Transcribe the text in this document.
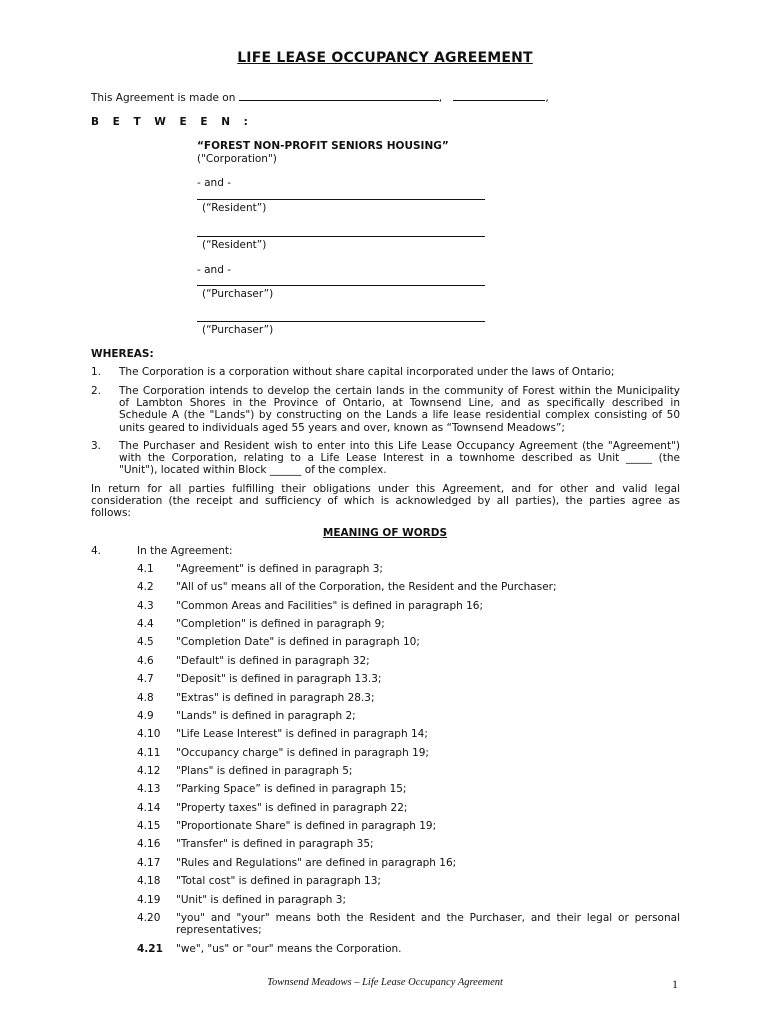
LIFE LEASE OCCUPANCY AGREEMENT
This Agreement is made on	,	,
B E T W E E N :
“FOREST NON-PROFIT SENIORS HOUSING”
("Corporation")
- and -
(“Resident”)
(“Resident”)
- and -
(“Purchaser”)
(“Purchaser”)
WHEREAS:
1. The Corporation is a corporation without share capital incorporated under the laws of Ontario;
2. The Corporation intends to develop the certain lands in the community of Forest within the Municipality
of Lambton Shores in the Province of Ontario, at Townsend Line, and as specifically described in
Schedule A (the "Lands") by constructing on the Lands a life lease residential complex consisting of 50
units geared to individuals aged 55 years and over, known as “Townsend Meadows”;
3. The Purchaser and Resident wish to enter into this Life Lease Occupancy Agreement (the "Agreement")
with the Corporation, relating to a Life Lease Interest in a townhome described as Unit _____ (the
"Unit"), located within Block ______ of the complex.
In return for all parties fulfilling their obligations under this Agreement, and for other and valid legal
consideration (the receipt and sufficiency of which is acknowledged by all parties), the parties agree as
follows:
MEANING OF WORDS
4.	In the Agreement:
4.1 "Agreement" is defined in paragraph 3;
4.2 "All of us" means all of the Corporation, the Resident and the Purchaser;
4.3 "Common Areas and Facilities" is defined in paragraph 16;
4.4 "Completion" is defined in paragraph 9;
4.5 "Completion Date" is defined in paragraph 10;
4.6 "Default" is defined in paragraph 32;
4.7 "Deposit" is defined in paragraph 13.3;
4.8 "Extras" is defined in paragraph 28.3;
4.9 "Lands" is defined in paragraph 2;
4.10 "Life Lease Interest" is defined in paragraph 14;
4.11 "Occupancy charge" is defined in paragraph 19;
4.12 "Plans" is defined in paragraph 5;
4.13 “Parking Space” is defined in paragraph 15;
4.14 "Property taxes" is defined in paragraph 22;
4.15 "Proportionate Share" is defined in paragraph 19;
4.16 "Transfer" is defined in paragraph 35;
4.17 "Rules and Regulations" are defined in paragraph 16;
4.18 "Total cost" is defined in paragraph 13;
4.19 "Unit" is defined in paragraph 3;
4.20 "you" and "your" means both the Resident and the Purchaser, and their legal or personal
representatives;
4.21 "we", "us" or "our" means the Corporation.
Townsend Meadows – Life Lease Occupancy Agreement	1
